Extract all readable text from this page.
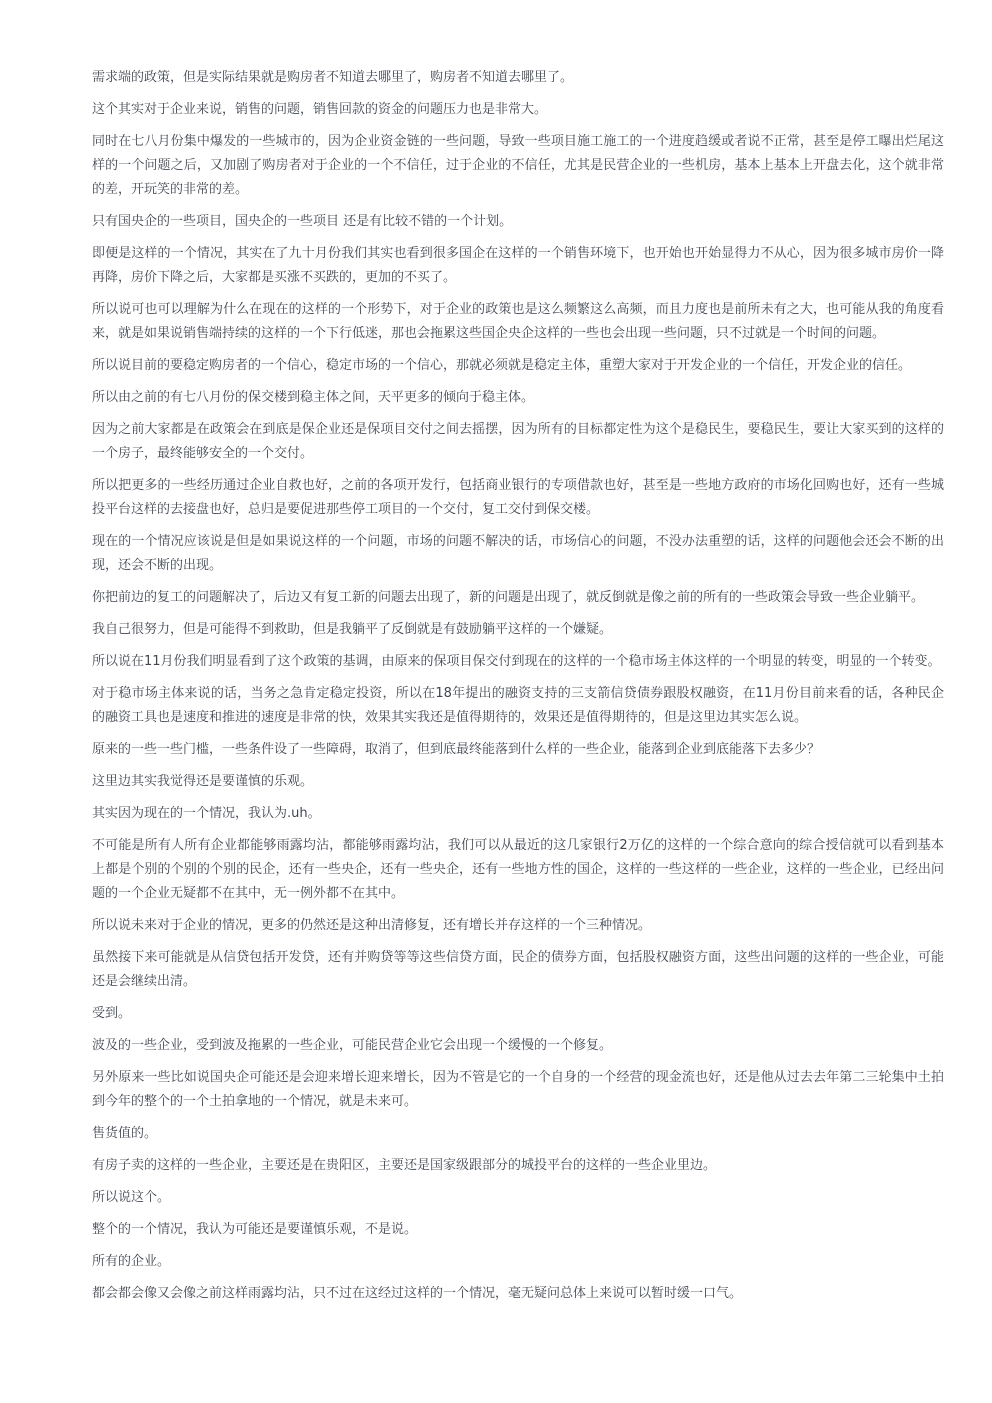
需求端的政策，但是实际结果就是购房者不知道去哪里了，购房者不知道去哪里了。

这个其实对于企业来说，销售的问题，销售回款的资金的问题压力也是非常大。

同时在七八月份集中爆发的一些城市的，因为企业资金链的一些问题，导致一些项目施工施工的一个进度趋缓或者说不正常，甚至是停工曝出烂尾这样的一个问题之后，又加剧了购房者对于企业的一个不信任，过于企业的不信任，尤其是民营企业的一些机房，基本上基本上开盘去化，这个就非常的差，开玩笑的非常的差。

只有国央企的一些项目，国央企的一些项目 还是有比较不错的一个计划。

即便是这样的一个情况，其实在了九十月份我们其实也看到很多国企在这样的一个销售环境下，也开始也开始显得力不从心，因为很多城市房价一降再降，房价下降之后，大家都是买涨不买跌的，更加的不买了。

所以说可也可以理解为什么在现在的这样的一个形势下，对于企业的政策也是这么频繁这么高频，而且力度也是前所未有之大，也可能从我的角度看来，就是如果说销售端持续的这样的一个下行低迷，那也会拖累这些国企央企这样的一些也会出现一些问题，只不过就是一个时间的问题。

所以说目前的要稳定购房者的一个信心，稳定市场的一个信心，那就必须就是稳定主体，重塑大家对于开发企业的一个信任，开发企业的信任。

所以由之前的有七八月份的保交楼到稳主体之间，天平更多的倾向于稳主体。

因为之前大家都是在政策会在到底是保企业还是保项目交付之间去摇摆，因为所有的目标都定性为这个是稳民生，要稳民生，要让大家买到的这样的一个房子，最终能够安全的一个交付。

所以把更多的一些经历通过企业自救也好，之前的各项开发行，包括商业银行的专项借款也好，甚至是一些地方政府的市场化回购也好，还有一些城投平台这样的去接盘也好，总归是要促进那些停工项目的一个交付，复工交付到保交楼。

现在的一个情况应该说是但是如果说这样的一个问题，市场的问题不解决的话，市场信心的问题，不没办法重塑的话，这样的问题他会还会不断的出现，还会不断的出现。

你把前边的复工的问题解决了，后边又有复工新的问题去出现了，新的问题是出现了，就反倒就是像之前的所有的一些政策会导致一些企业躺平。

我自己很努力，但是可能得不到救助，但是我躺平了反倒就是有鼓励躺平这样的一个嫌疑。

所以说在11月份我们明显看到了这个政策的基调，由原来的保项目保交付到现在的这样的一个稳市场主体这样的一个明显的转变，明显的一个转变。

对于稳市场主体来说的话，当务之急肯定稳定投资，所以在18年提出的融资支持的三支箭信贷债券跟股权融资，在11月份目前来看的话，各种民企的融资工具也是速度和推进的速度是非常的快，效果其实我还是值得期待的，效果还是值得期待的，但是这里边其实怎么说。

原来的一些一些门槛，一些条件设了一些障碍，取消了，但到底最终能落到什么样的一些企业，能落到企业到底能落下去多少？

这里边其实我觉得还是要谨慎的乐观。

其实因为现在的一个情况，我认为.uh。

不可能是所有人所有企业都能够雨露均沾，都能够雨露均沾，我们可以从最近的这几家银行2万亿的这样的一个综合意向的综合授信就可以看到基本上都是个别的个别的个别的民企，还有一些央企，还有一些央企，还有一些地方性的国企，这样的一些这样的一些企业，这样的一些企业，已经出问题的一个企业无疑都不在其中，无一例外都不在其中。

所以说未来对于企业的情况，更多的仍然还是这种出清修复，还有增长并存这样的一个三种情况。

虽然接下来可能就是从信贷包括开发贷，还有并购贷等等这些信贷方面，民企的债券方面，包括股权融资方面，这些出问题的这样的一些企业，可能还是会继续出清。

受到。

波及的一些企业，受到波及拖累的一些企业，可能民营企业它会出现一个缓慢的一个修复。

另外原来一些比如说国央企可能还是会迎来增长迎来增长，因为不管是它的一个自身的一个经营的现金流也好，还是他从过去去年第二三轮集中土拍到今年的整个的一个土拍拿地的一个情况，就是未来可。

售货值的。

有房子卖的这样的一些企业，主要还是在贵阳区，主要还是国家级跟部分的城投平台的这样的一些企业里边。

所以说这个。

整个的一个情况，我认为可能还是要谨慎乐观，不是说。

所有的企业。

都会都会像又会像之前这样雨露均沾，只不过在这经过这样的一个情况，毫无疑问总体上来说可以暂时缓一口气。
